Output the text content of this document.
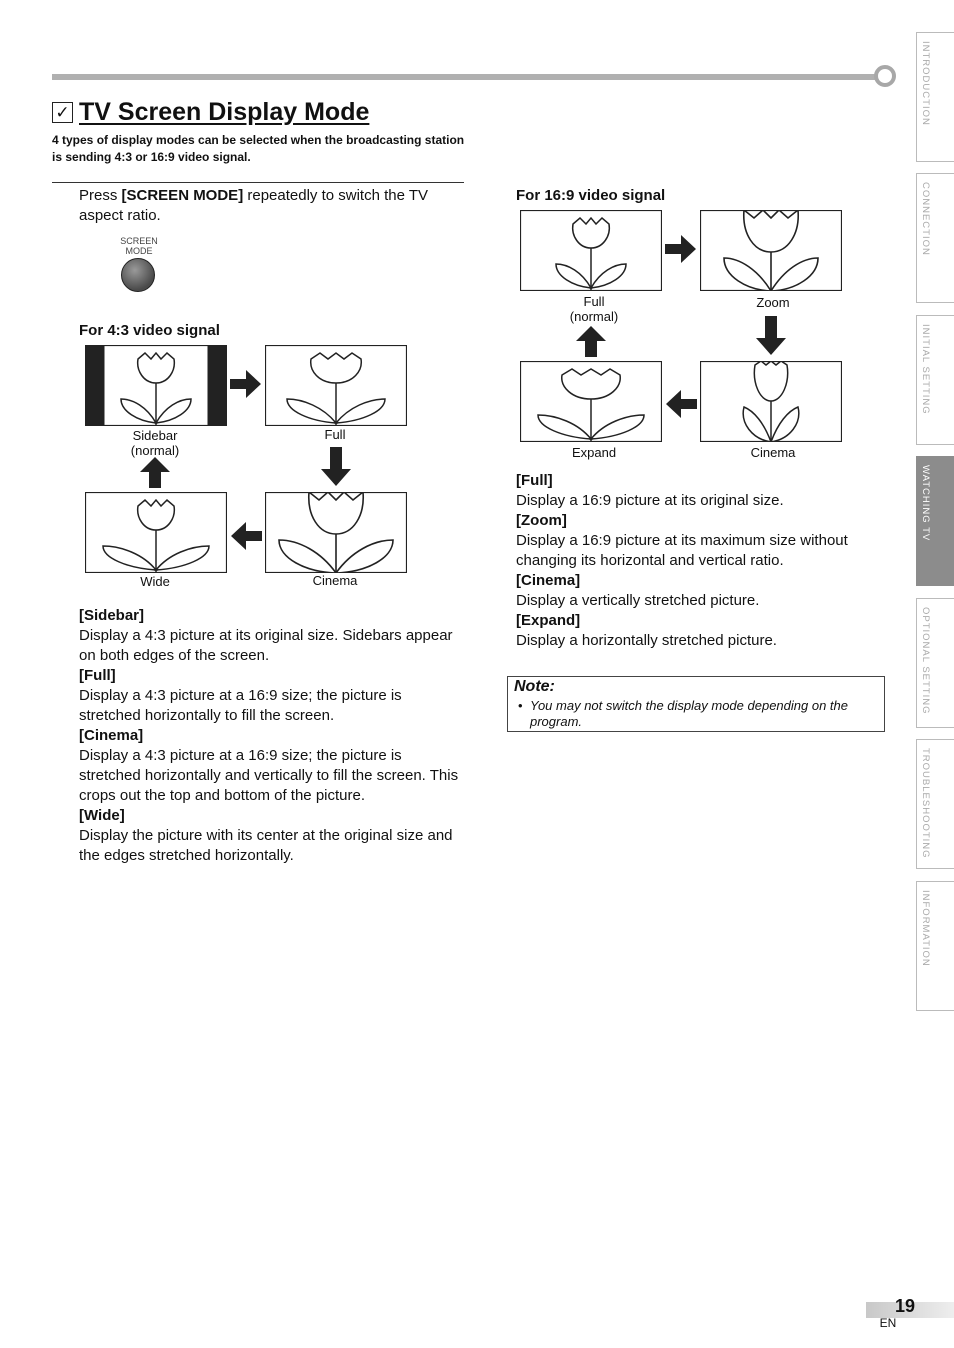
✓ TV Screen Display Mode
4 types of display modes can be selected when the broadcasting station is sending 4:3 or 16:9 video signal.
Press [SCREEN MODE] repeatedly to switch the TV aspect ratio.
SCREEN
MODE
For 4:3 video signal
Sidebar
(normal)
Full
Wide	Cinema
[Sidebar]
Display a 4:3 picture at its original size. Sidebars appear on both edges of the screen.
[Full]
Display a 4:3 picture at a 16:9 size; the picture is stretched horizontally to fill the screen.
[Cinema]
Display a 4:3 picture at a 16:9 size; the picture is stretched horizontally and vertically to fill the screen. This crops out the top and bottom of the picture.
[Wide]
Display the picture with its center at the original size and the edges stretched horizontally.
For 16:9 video signal
Full
(normal)
Zoom
Expand	Cinema
[Full]
Display a 16:9 picture at its original size.
[Zoom]
Display a 16:9 picture at its maximum size without changing its horizontal and vertical ratio.
[Cinema]
Display a vertically stretched picture.
[Expand]
Display a horizontally stretched picture.
Note:
• You may not switch the display mode depending on the program.
INTRODUCTION
CONNECTION
INITIAL SETTING
WATCHING TV
OPTIONAL SETTING
TROUBLESHOOTING
INFORMATION
19
EN
